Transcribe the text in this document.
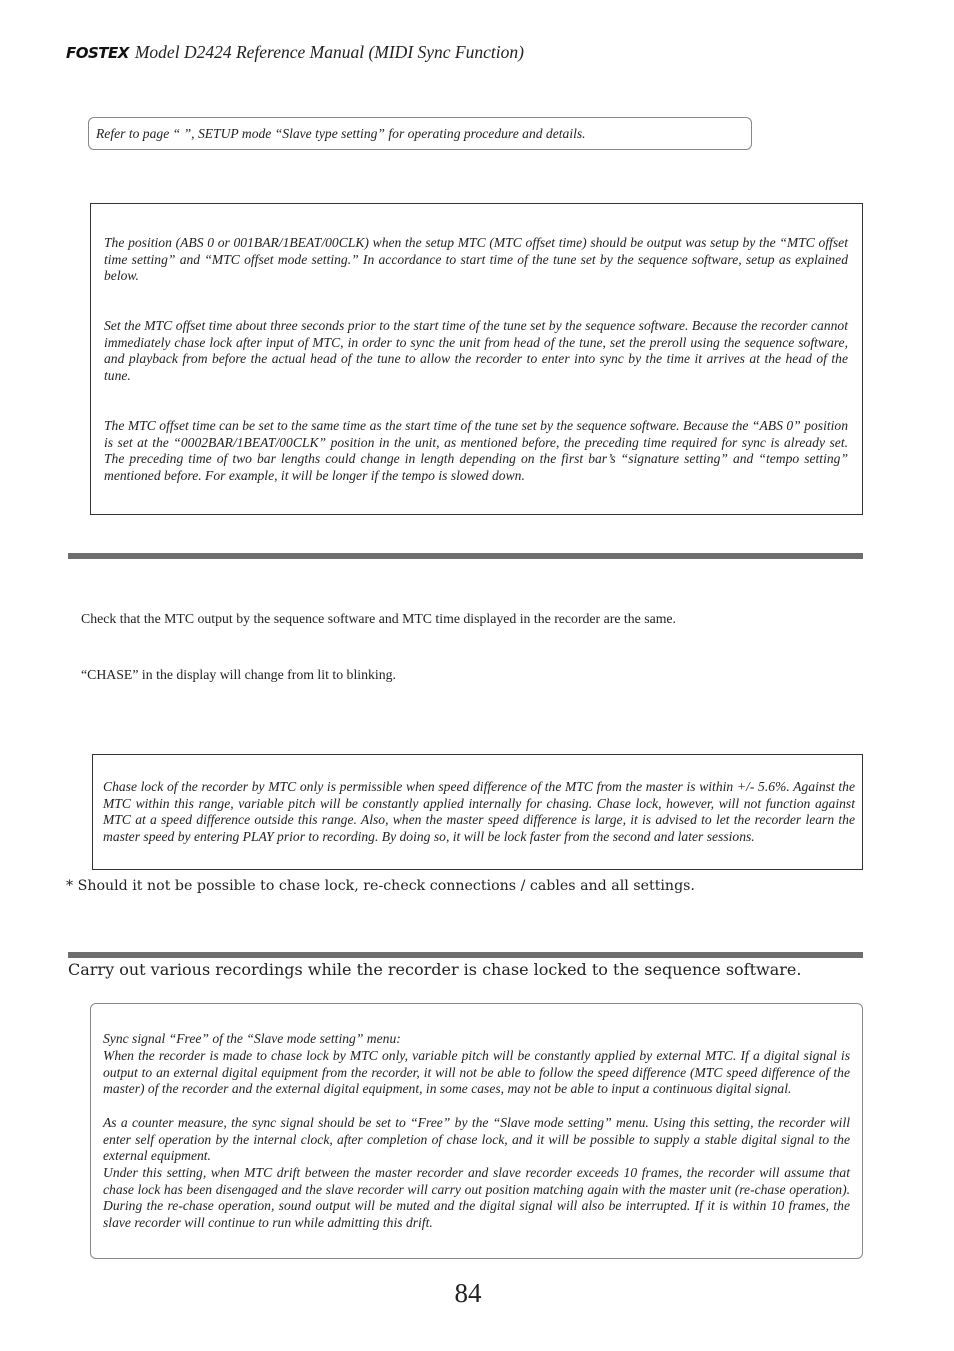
FOSTEX Model D2424 Reference Manual (MIDI Sync Function)
Refer to page “ ”, SETUP mode “Slave type setting” for operating procedure and details.
The position (ABS 0 or 001BAR/1BEAT/00CLK) when the setup MTC (MTC offset time) should be output was setup by the “MTC offset time setting” and “MTC offset mode setting.” In accordance to start time of the tune set by the sequence software, setup as explained below.
Set the MTC offset time about three seconds prior to the start time of the tune set by the sequence software. Because the recorder cannot immediately chase lock after input of MTC, in order to sync the unit from head of the tune, set the preroll using the sequence software, and playback from before the actual head of the tune to allow the recorder to enter into sync by the time it arrives at the head of the tune.
The MTC offset time can be set to the same time as the start time of the tune set by the sequence software. Because the “ABS 0” position is set at the “0002BAR/1BEAT/00CLK” position in the unit, as mentioned before, the preceding time required for sync is already set. The preceding time of two bar lengths could change in length depending on the first bar’s “signature setting” and “tempo setting” mentioned before. For example, it will be longer if the tempo is slowed down.
Check that the MTC output by the sequence software and MTC time displayed in the recorder are the same.
“CHASE” in the display will change from lit to blinking.
Chase lock of the recorder by MTC only is permissible when speed difference of the MTC from the master is within +/- 5.6%. Against the MTC within this range, variable pitch will be constantly applied internally for chasing. Chase lock, however, will not function against MTC at a speed difference outside this range. Also, when the master speed difference is large, it is advised to let the recorder learn the master speed by entering PLAY prior to recording. By doing so, it will be lock faster from the second and later sessions.
* Should it not be possible to chase lock, re-check connections / cables and all settings.
Carry out various recordings while the recorder is chase locked to the sequence software.
Sync signal “Free” of the “Slave mode setting” menu:
When the recorder is made to chase lock by MTC only, variable pitch will be constantly applied by external MTC. If a digital signal is output to an external digital equipment from the recorder, it will not be able to follow the speed difference (MTC speed difference of the master) of the recorder and the external digital equipment, in some cases, may not be able to input a continuous digital signal.
As a counter measure, the sync signal should be set to “Free” by the “Slave mode setting” menu. Using this setting, the recorder will enter self operation by the internal clock, after completion of chase lock, and it will be possible to supply a stable digital signal to the external equipment.
Under this setting, when MTC drift between the master recorder and slave recorder exceeds 10 frames, the recorder will assume that chase lock has been disengaged and the slave recorder will carry out position matching again with the master unit (re-chase operation). During the re-chase operation, sound output will be muted and the digital signal will also be interrupted. If it is within 10 frames, the slave recorder will continue to run while admitting this drift.
84
